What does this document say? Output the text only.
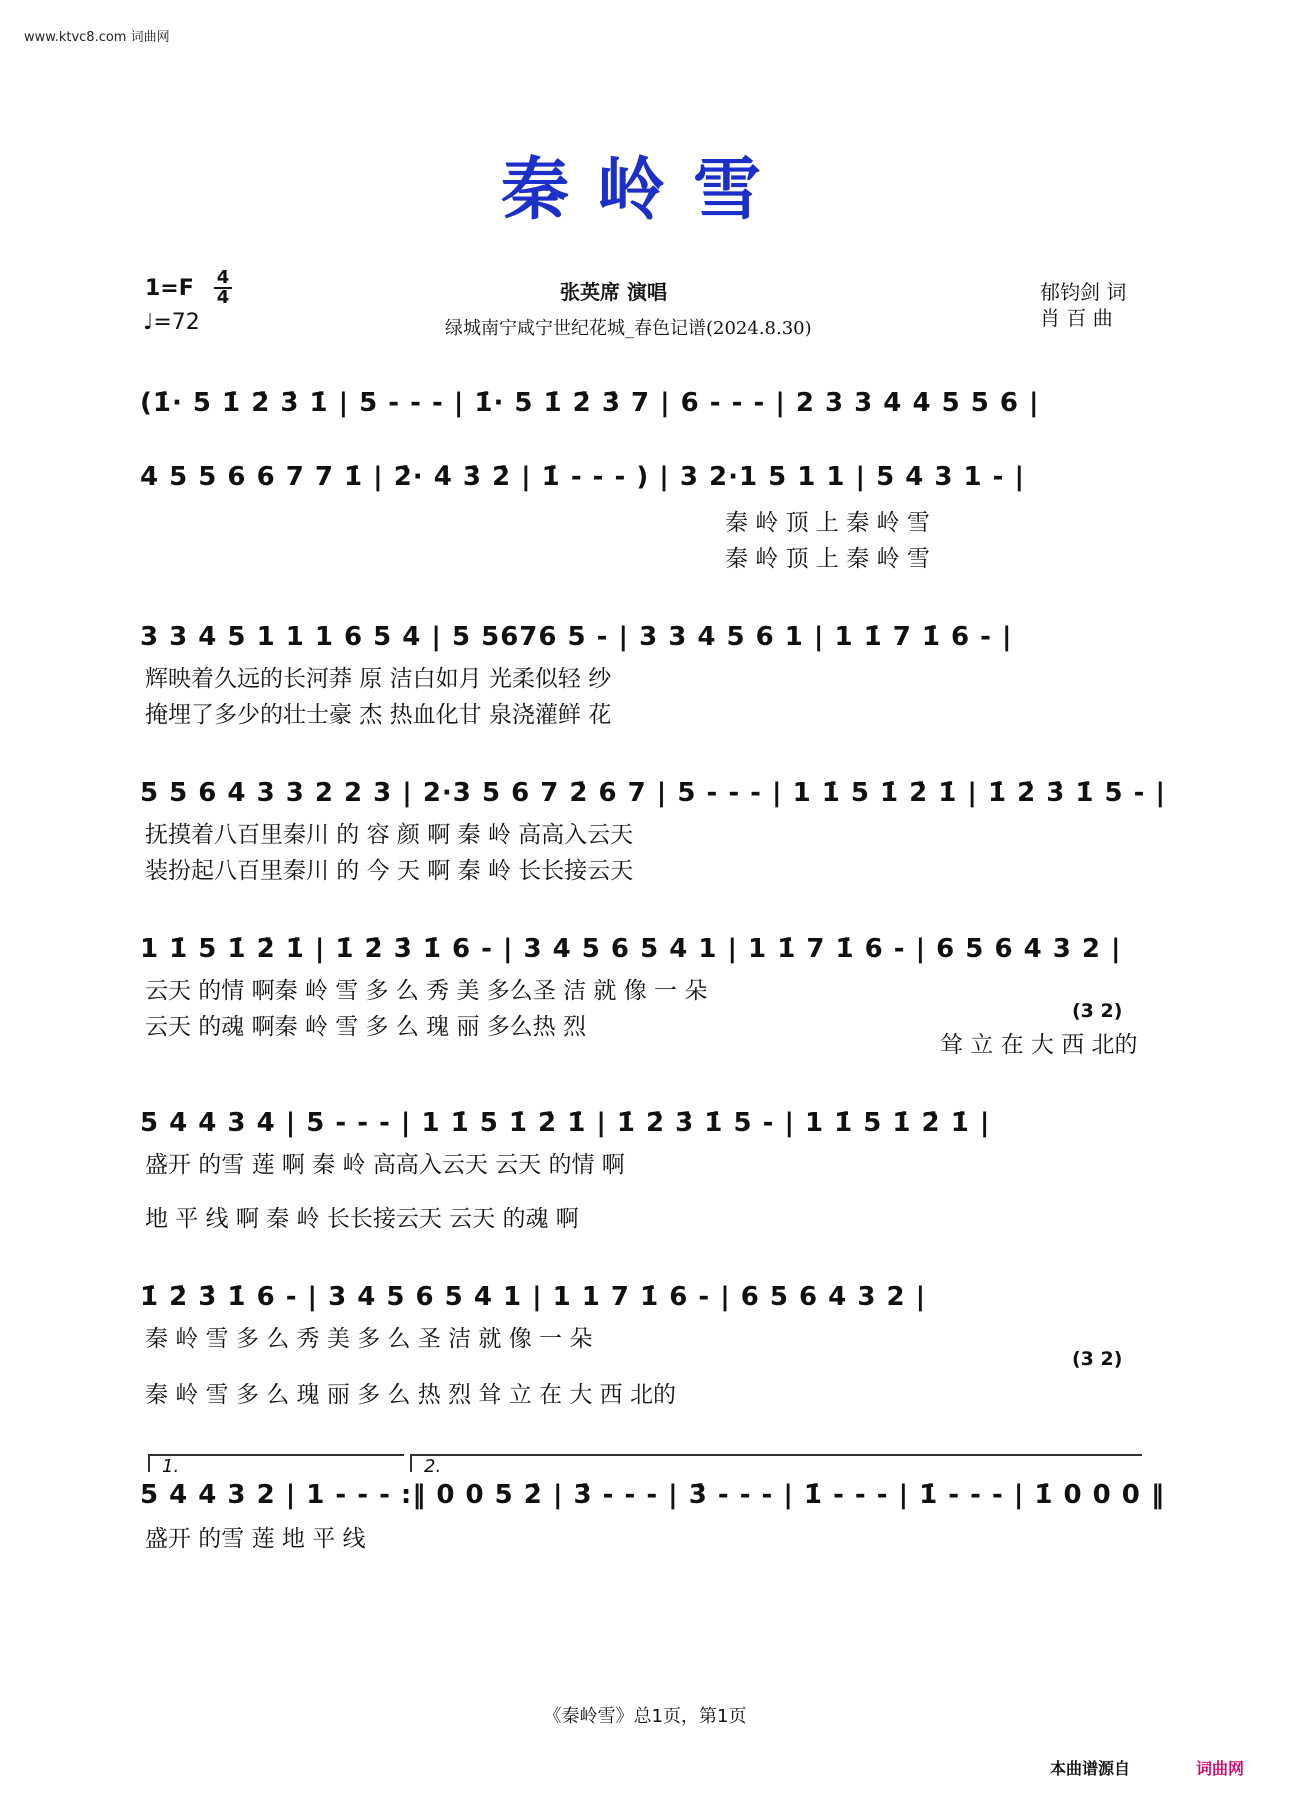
www.ktvc8.com 词曲网
秦岭雪
1=F 4
4
♩=72
张英席 演唱
绿城南宁咸宁世纪花城_春色记谱(2024.8.30)
郁钧剑 词
肖 百 曲
(1̇· 5 1̇ 2̇ 3̇ 1̇ | 5 - - - | 1̇· 5 1̇ 2̇ 3̇ 7 | 6 - - - | 2 3 3 4 4 5 5 6 |
4 5 5 6 6 7 7 1̇ | 2̇· 4̇ 3̇ 2̇ | 1̇ - - - ) | 3 2·1 5 1 1 | 5 4 3 1 - |
秦 岭 顶 上 秦 岭 雪
秦 岭 顶 上 秦 岭 雪
3 3 4 5 1 1 1 6 5 4 | 5 5676 5 - | 3 3 4 5 6 1 | 1 1̇ 7 1̇ 6 - |
辉映着久远的长河莽 原 洁白如月 光柔似轻 纱
掩埋了多少的壮士豪 杰 热血化甘 泉浇灌鲜 花
5 5 6 4 3 3 2 2 3 | 2·3 5 6 7 2̇ 6 7 | 5 - - - | 1 1̇ 5 1̇ 2̇ 1̇ | 1̇ 2̇ 3̇ 1̇ 5 - |
抚摸着八百里秦川 的 容 颜 啊 秦 岭 高高入云天
装扮起八百里秦川 的 今 天 啊 秦 岭 长长接云天
1 1̇ 5 1̇ 2̇ 1̇ | 1̇ 2̇ 3̇ 1̇ 6 - | 3 4 5 6 5 4 1 | 1 1̇ 7 1̇ 6 - | 6 5 6 4 3 2 |
云天 的情 啊秦 岭 雪 多 么 秀 美 多么圣 洁 就 像 一 朵
云天 的魂 啊秦 岭 雪 多 么 瑰 丽 多么热 烈
(3 2)
耸 立 在 大 西 北的
5 4 4 3 4 | 5 - - - | 1 1̇ 5 1̇ 2̇ 1̇ | 1̇ 2̇ 3̇ 1̇ 5 - | 1 1̇ 5 1̇ 2̇ 1̇ |
盛开 的雪 莲 啊 秦 岭 高高入云天 云天 的情 啊
地 平 线 啊 秦 岭 长长接云天 云天 的魂 啊
1̇ 2̇ 3̇ 1̇ 6 - | 3 4 5 6 5 4 1 | 1 1 7 1̇ 6 - | 6 5 6 4 3 2 |
秦 岭 雪 多 么 秀 美 多 么 圣 洁 就 像 一 朵
秦 岭 雪 多 么 瑰 丽 多 么 热 烈 耸 立 在 大 西 北的
(3 2)
1.	2.
5 4 4 3 2 | 1 - - - :‖ 0 0 5 2̇ | 3̇ - - - | 3̇ - - - | 1̇ - - - | 1̇ - - - | 1̇ 0 0 0 ‖
盛开 的雪 莲 地 平 线
《秦岭雪》总1页，第1页
本曲谱源自	词曲网
